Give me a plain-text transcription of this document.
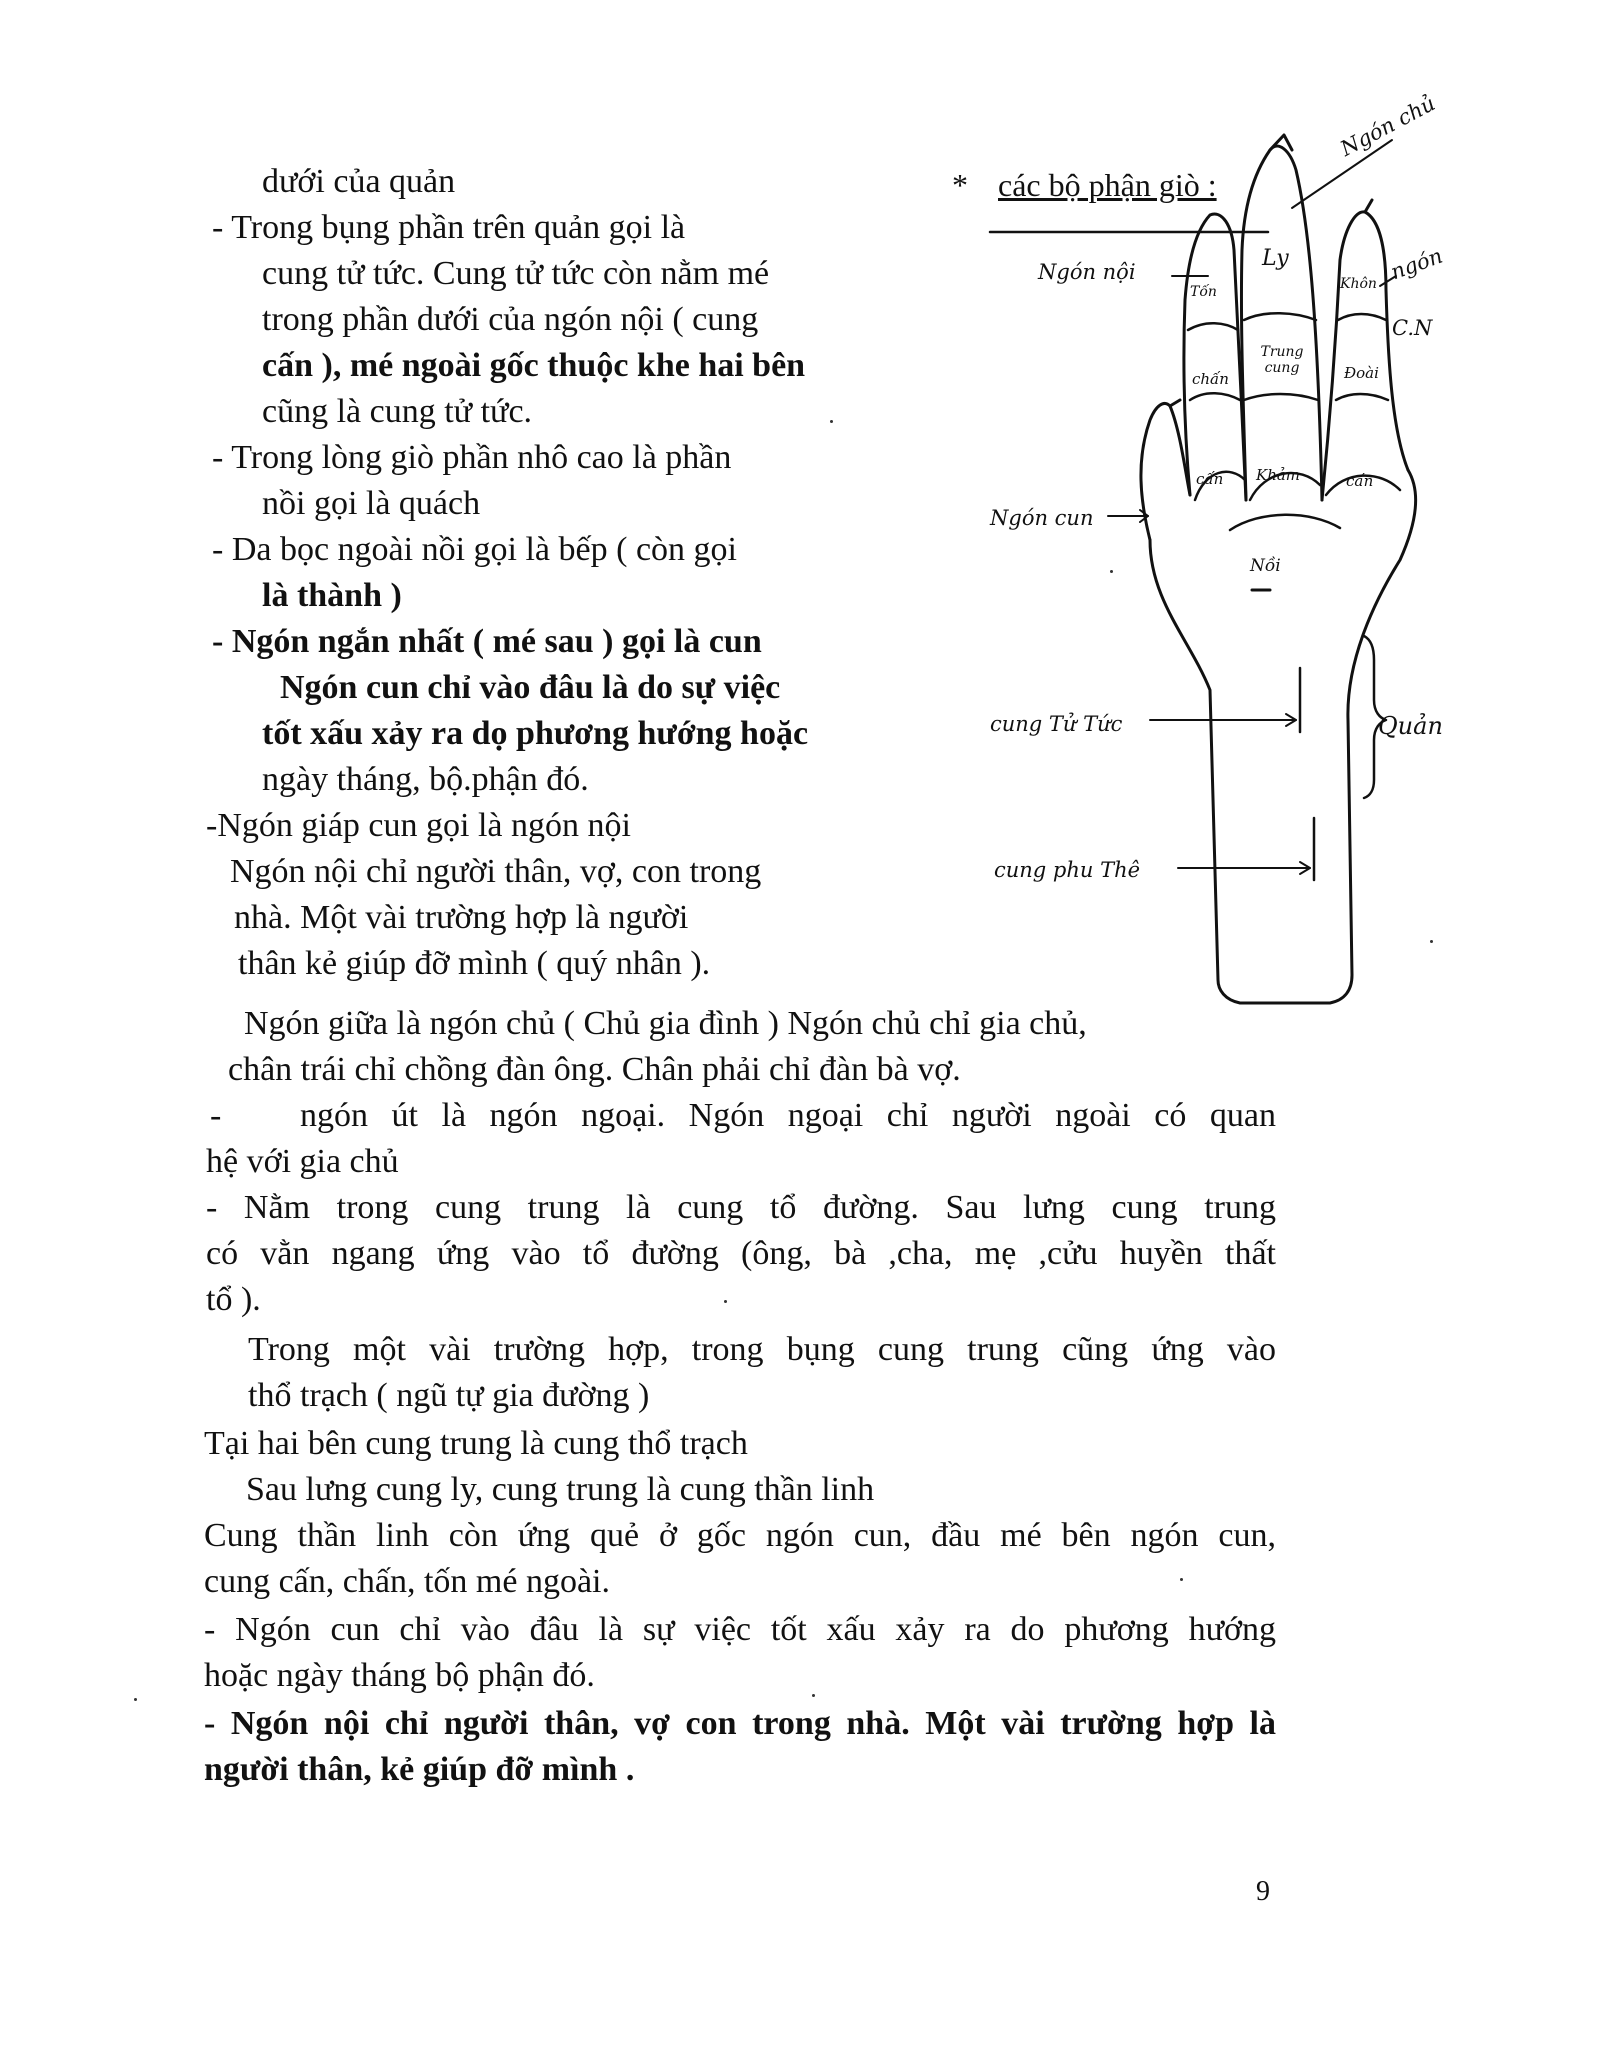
dưới của quản
- Trong bụng phần trên quản gọi là
cung tử tức. Cung tử tức còn nằm mé
trong phần dưới của ngón nội ( cung
cấn ), mé ngoài gốc thuộc khe hai bên
cũng là cung tử tức.
- Trong lòng giò phần nhô cao là phần
nồi gọi là quách
- Da bọc ngoài nồi gọi là bếp ( còn gọi
là thành )
- Ngón ngắn nhất ( mé sau ) gọi là cun
Ngón cun chỉ vào đâu là do sự việc
tốt xấu xảy ra dọ phương hướng hoặc
ngày tháng, bộ.phận đó.
-Ngón giáp cun gọi là ngón nội
Ngón nội chỉ người thân, vợ, con trong
nhà. Một vài trường hợp là người
thân kẻ giúp đỡ mình ( quý nhân ).
Ngón giữa là ngón chủ ( Chủ gia đình ) Ngón chủ chỉ gia chủ,
chân trái chỉ chồng đàn ông. Chân phải chỉ đàn bà vợ.
- ngón út là ngón ngoại. Ngón ngoại chỉ người ngoài có quan
hệ với gia chủ
- Nằm trong cung trung là cung tổ đường. Sau lưng cung trung
có vằn ngang ứng vào tổ đường (ông, bà ,cha, mẹ ,cửu huyền thất
tổ ).
Trong một vài trường hợp, trong bụng cung trung cũng ứng vào
thổ trạch ( ngũ tự gia đường )
Tại hai bên cung trung là cung thổ trạch
Sau lưng cung ly, cung trung là cung thần linh
Cung thần linh còn ứng quẻ ở gốc ngón cun, đầu mé bên ngón cun,
cung cấn, chấn, tốn mé ngoài.
- Ngón cun chỉ vào đâu là sự việc tốt xấu xảy ra do phương hướng
hoặc ngày tháng bộ phận đó.
- Ngón nội chỉ người thân, vợ con trong nhà. Một vài trường hợp là
người thân, kẻ giúp đỡ mình .
* các bộ phận giò :
Ngón chủ
Ngón nội	ngón
C.N
Ngón cun
cung Tử Tức
cung phu Thê
Quản
Ly
Tốn	Khôn
Trung cung
chấn	Đoài
cấn Khảm	cấn
Nồi
9
